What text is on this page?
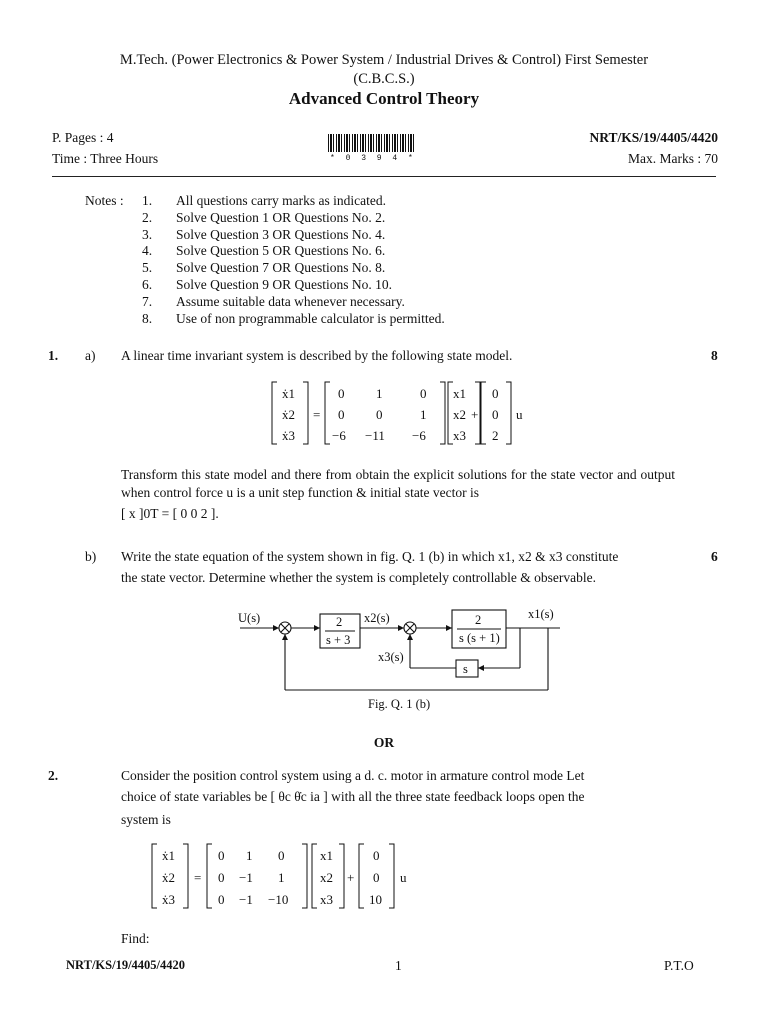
M.Tech. (Power Electronics & Power System / Industrial Drives & Control) First Semester
(C.B.C.S.)
Advanced Control Theory
P. Pages : 4	NRT/KS/19/4405/4420
Time : Three Hours	Max. Marks : 70
* 0 3 9 4 *
Notes : 1. All questions carry marks as indicated.
2. Solve Question 1 OR Questions No. 2.
3. Solve Question 3 OR Questions No. 4.
4. Solve Question 5 OR Questions No. 6.
5. Solve Question 7 OR Questions No. 8.
6. Solve Question 9 OR Questions No. 10.
7. Assume suitable data whenever necessary.
8. Use of non programmable calculator is permitted.
1. a) A linear time invariant system is described by the following state model.	8
ẋ1
ẋ2
ẋ3
=
0 1	0
0 0	1
−6 −11 −6
x1
x2
x3
+
0
0
2
u
Transform this state model and there from obtain the explicit solutions for the state vector and output when control force u is a unit step function & initial state vector is
[ x ]0T = [ 0 0 2 ].
b) Write the state equation of the system shown in fig. Q. 1 (b) in which x1, x2 & x3 constitute	6
the state vector. Determine whether the system is completely controllable & observable.
U(s)	2
s + 3
x2(s)	2
s (s + 1)
x1(s)
x3(s)
s
Fig. Q. 1 (b)
OR
2.	Consider the position control system using a d. c. motor in armature control mode Let
choice of state variables be [ θc θ̇c ia ] with all the three state feedback loops open the
system is
ẋ1
ẋ2
ẋ3
=
0 1 0
0 −1 1
0 −1 −10
x1
x2
x3
+
0
0
10
u
Find:
NRT/KS/19/4405/4420	1	P.T.O
